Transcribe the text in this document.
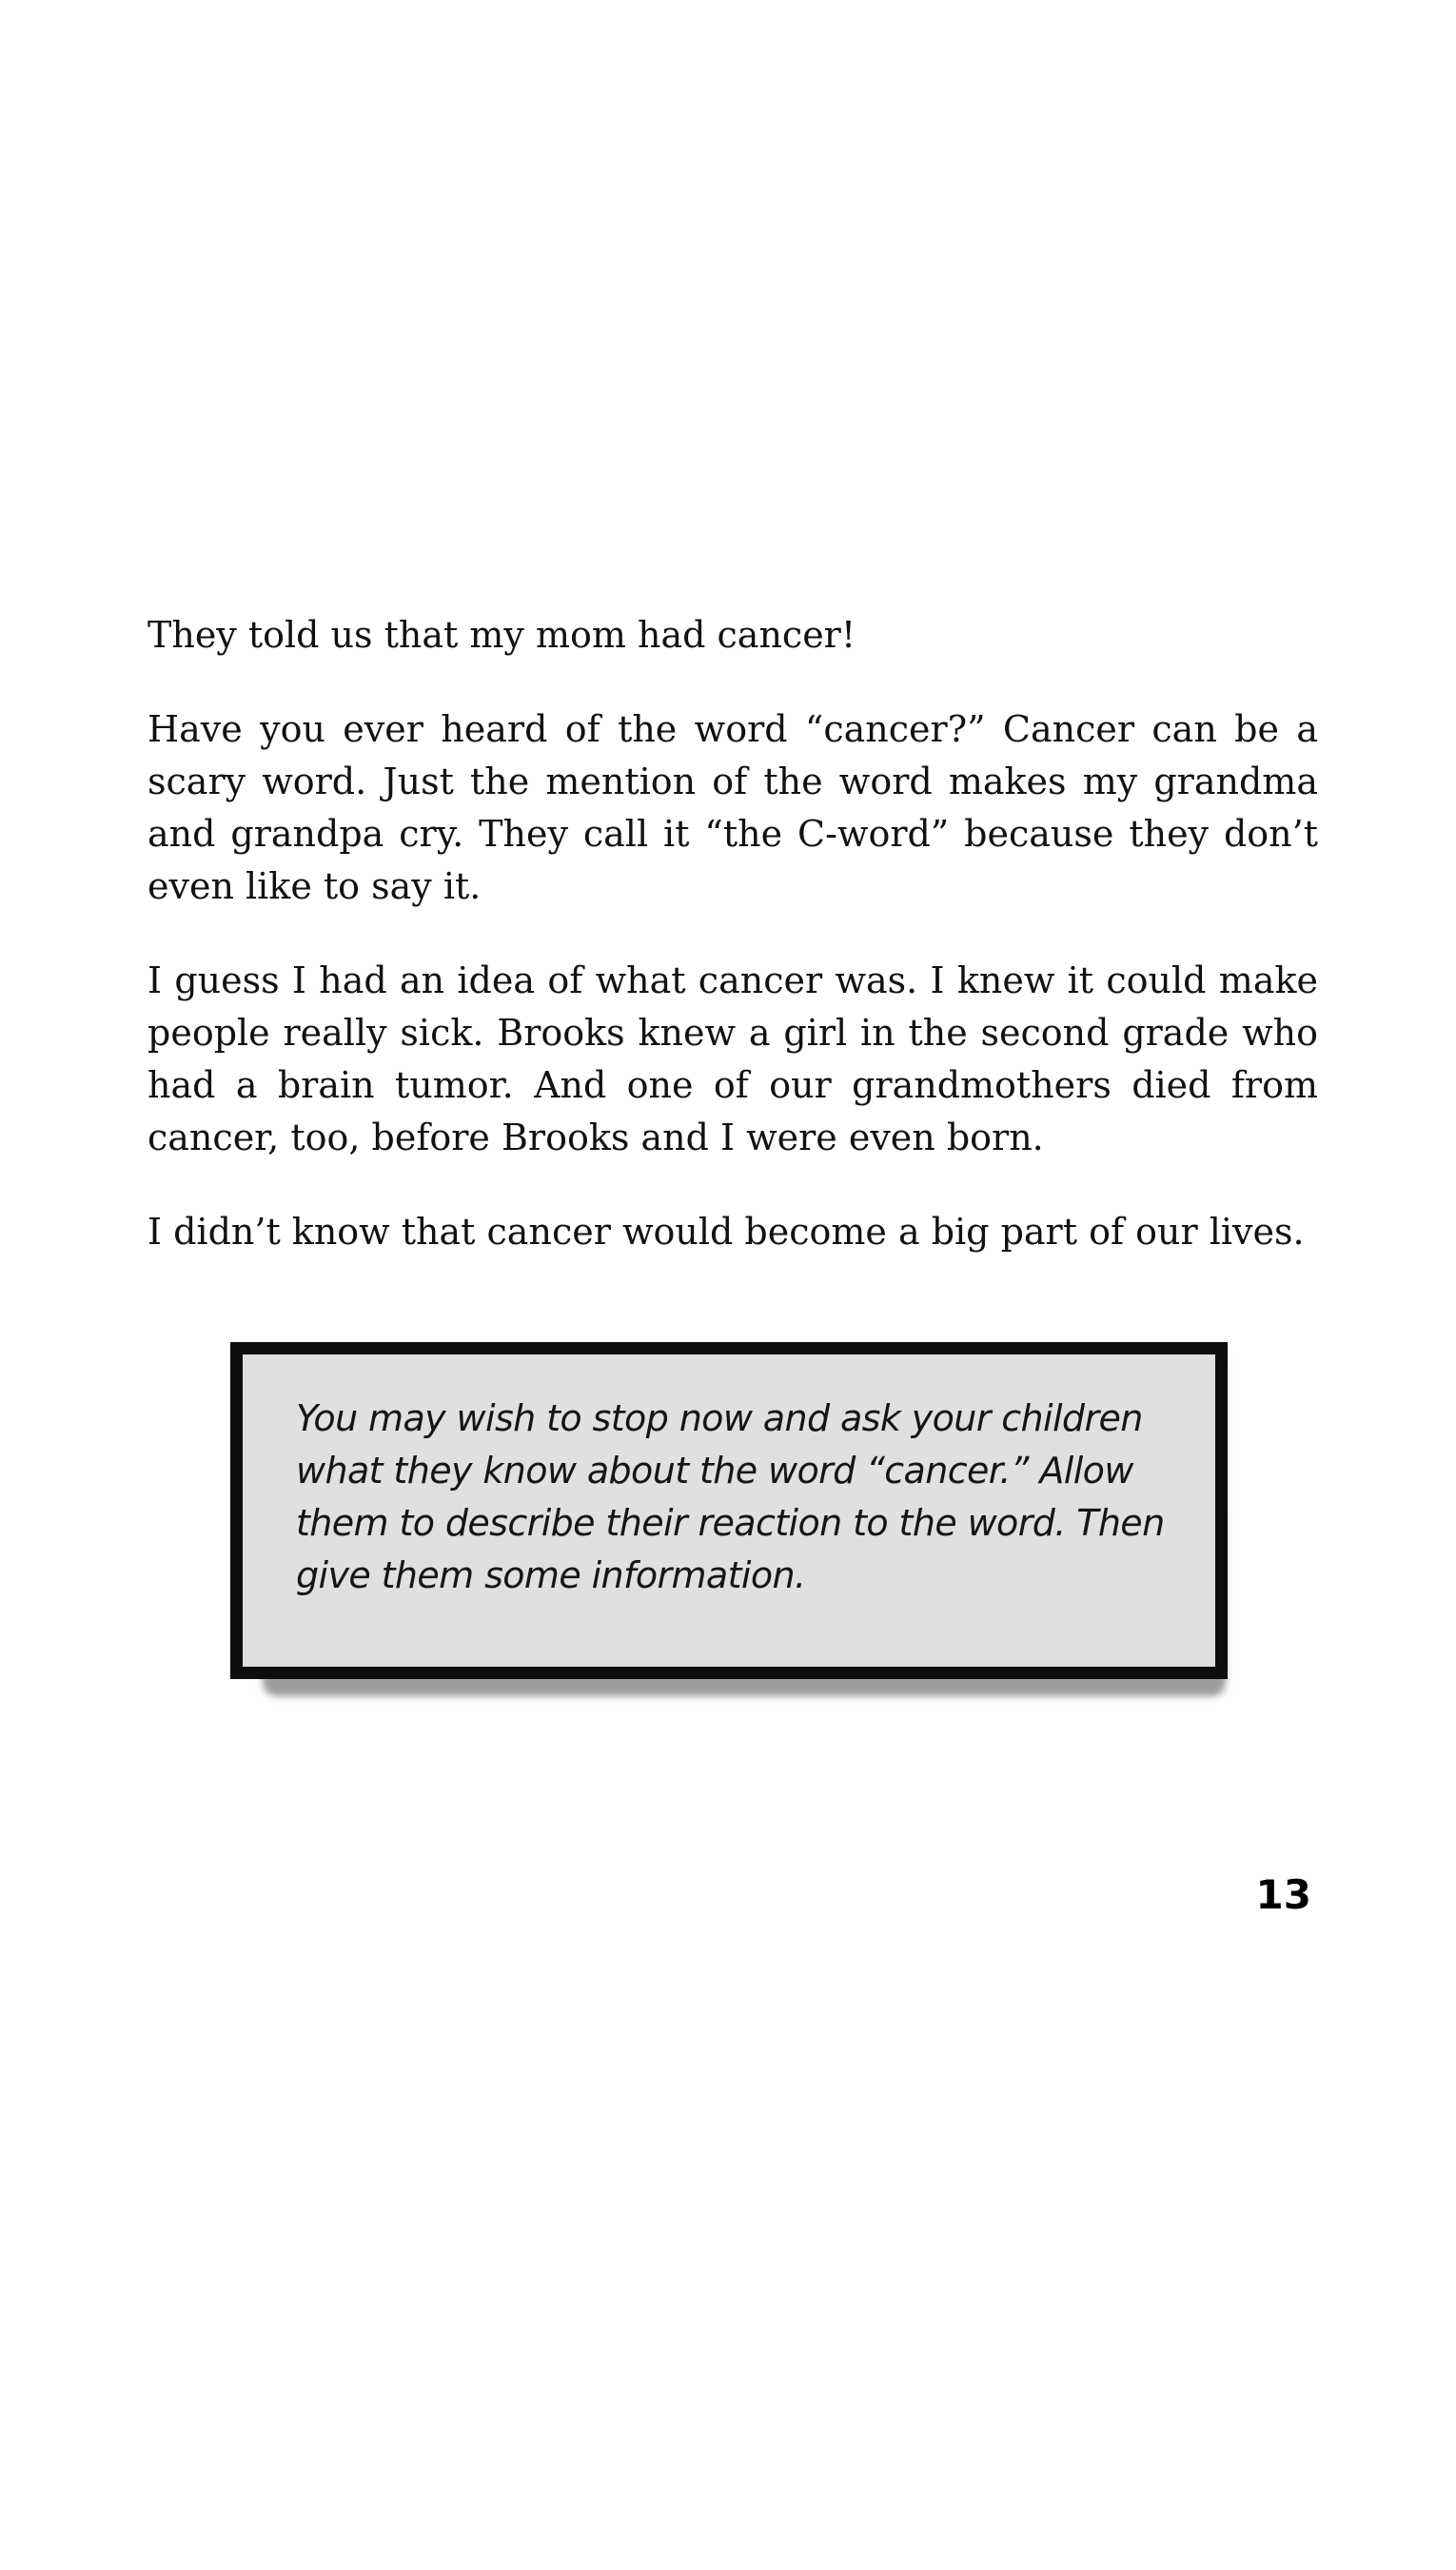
They told us that my mom had cancer!

Have you ever heard of the word “cancer?” Cancer can be a scary word. Just the mention of the word makes my grandma and grandpa cry. They call it “the C-word” because they don’t even like to say it.

I guess I had an idea of what cancer was. I knew it could make people really sick. Brooks knew a girl in the second grade who had a brain tumor. And one of our grandmothers died from cancer, too, before Brooks and I were even born.

I didn’t know that cancer would become a big part of our lives.

You may wish to stop now and ask your children what they know about the word “cancer.” Allow them to describe their reaction to the word. Then give them some information.

13
